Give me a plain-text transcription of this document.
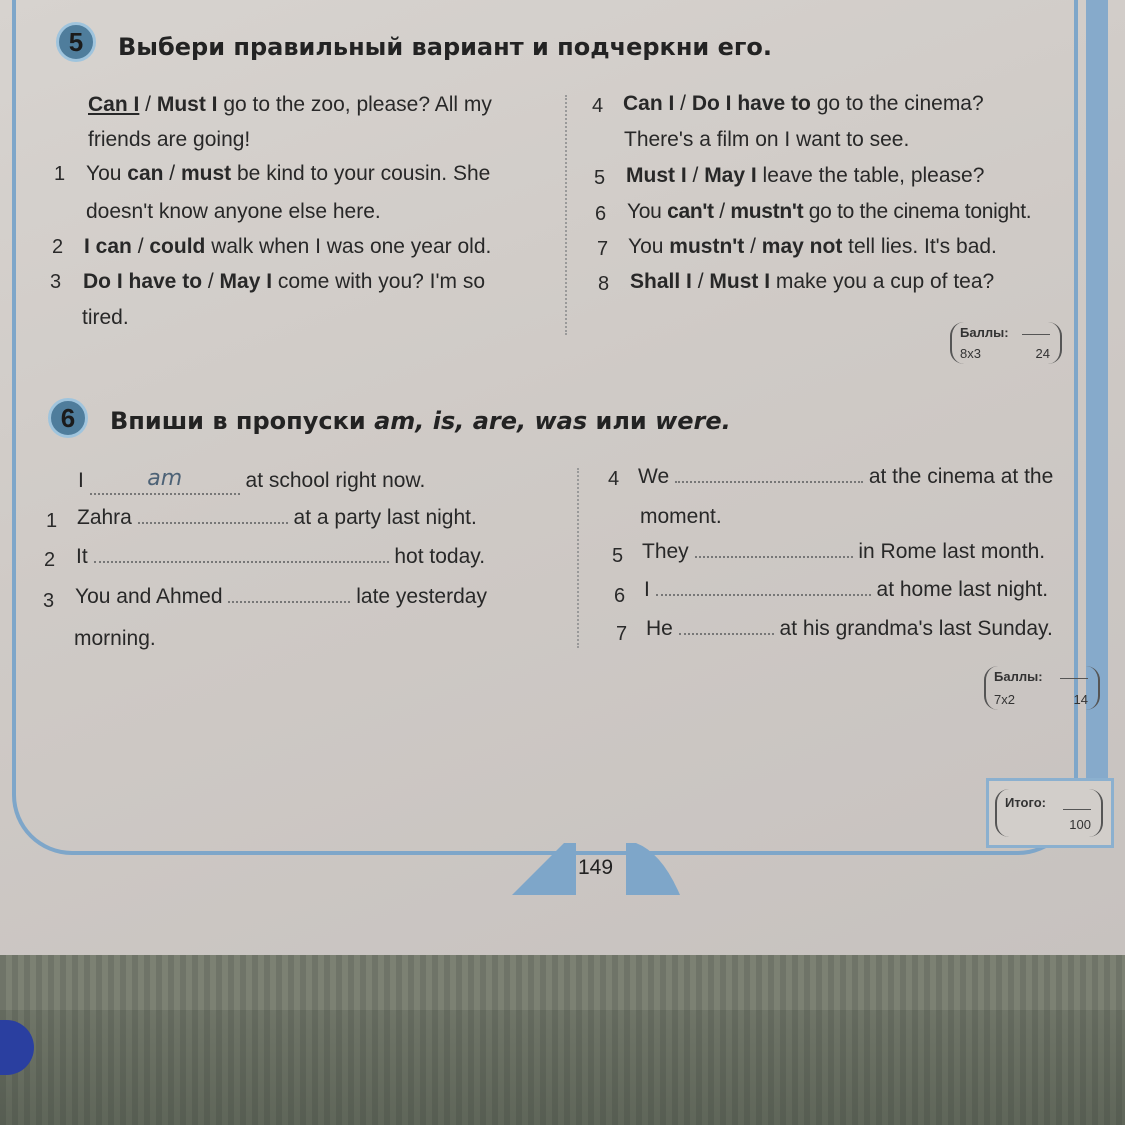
5 Выбери правильный вариант и подчеркни его.
Can I / Must I go to the zoo, please? All my
friends are going!
1 You can / must be kind to your cousin. She
doesn't know anyone else here.
2 I can / could walk when I was one year old.
3 Do I have to / May I come with you? I'm so
tired.
4 Can I / Do I have to go to the cinema?
There's a film on I want to see.
5 Must I / May I leave the table, please?
6 You can't / mustn't go to the cinema tonight.
7 You mustn't / may not tell lies. It's bad.
8 Shall I / Must I make you a cup of tea?
Баллы:
8x3	24
6 Впиши в пропуски am, is, are, was или were.
I	am	at school right now.
1 Zahra	at a party last night.
2 It	hot today.
3 You and Ahmed	late yesterday
morning.
4 We	at the cinema at the
moment.
5 They	in Rome last month.
6 I	at home last night.
7 He	at his grandma's last Sunday.
Баллы:
7x2	14
Итого:
100
149
